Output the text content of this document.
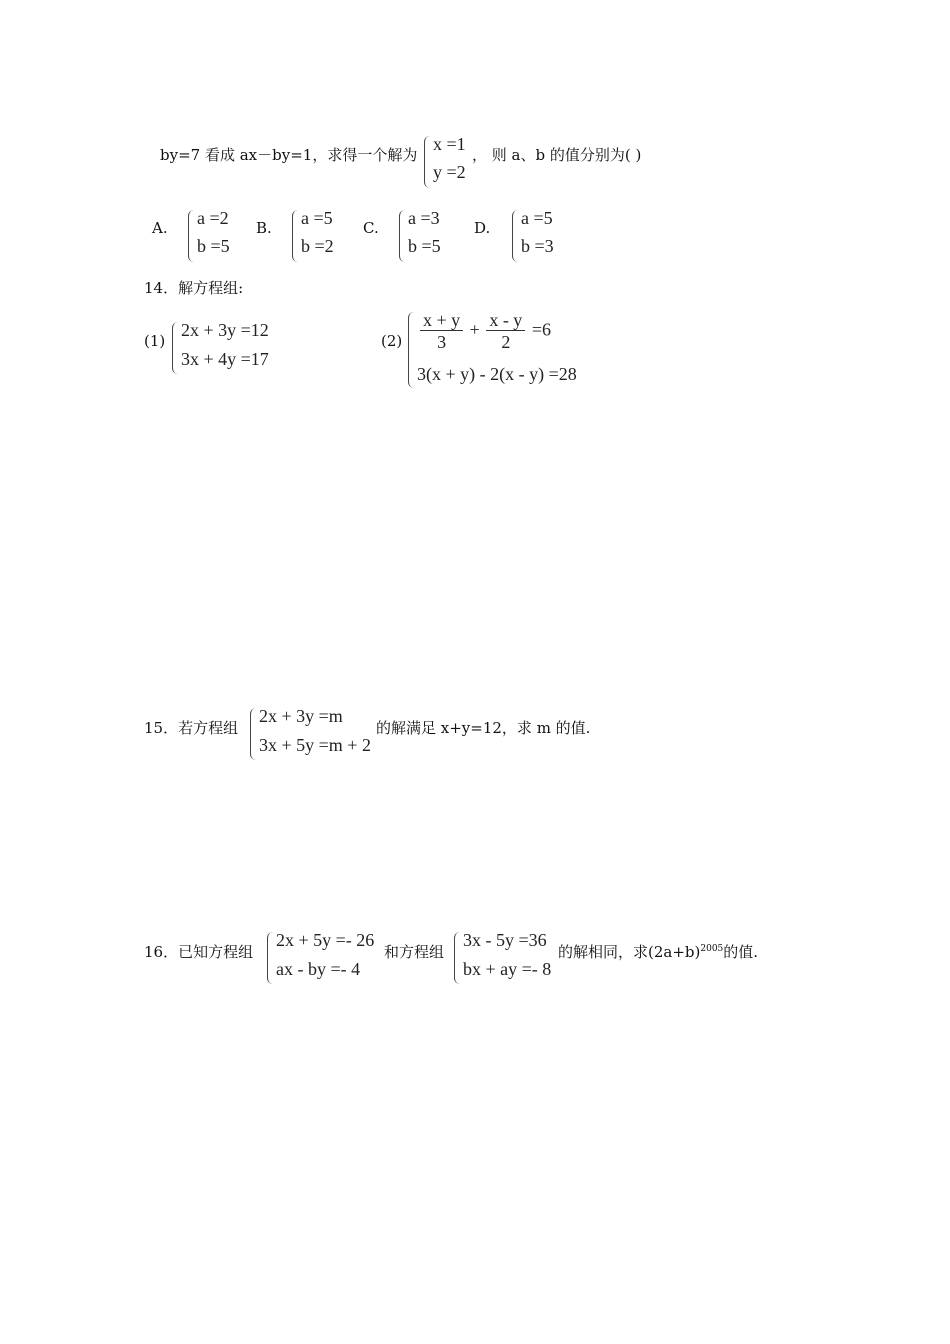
by=7 看成 ax－by=1，求得一个解为
x =1
y =2
， 则 a、b 的值分别为( )
A. a =2
b =5
B. a =5
b =2
C. a =3
b =5
D. a =5
b =3
14．解方程组:
(1)
2x + 3y =12
3x + 4y =17
$(2) \frac{x + y}{3} + \frac{x - y}{2} =6$
3(x + y) - 2(x - y) =28
15．若方程组
2x + 3y =m
3x + 5y =m + 2
的解满足 x+y=12，求 m 的值.
16．已知方程组
2x + 5y =- 26
ax - by =- 4
和方程组
3x - 5y =36
bx + ay =- 8
的解相同，求$(2a+b)^{2005}$的值.
